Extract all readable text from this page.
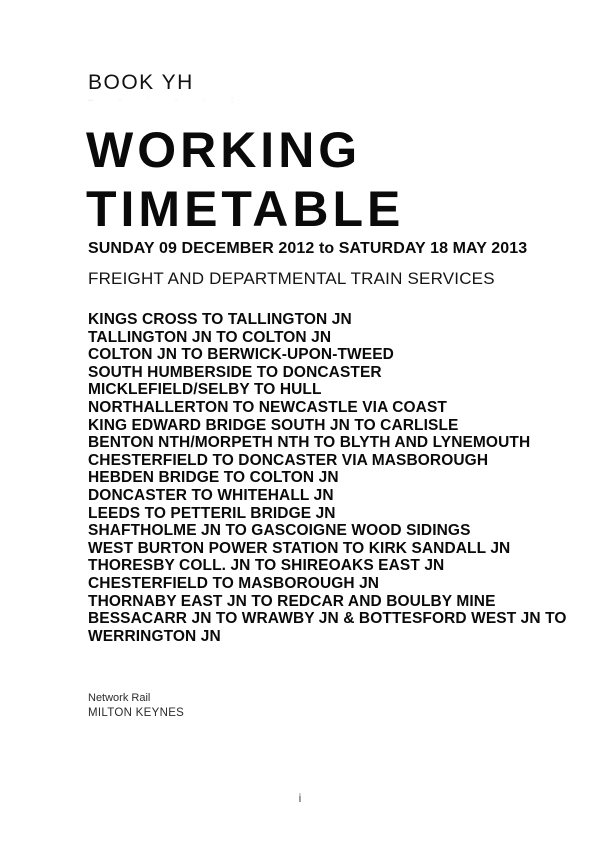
BOOK YH
‒ · ˙ · · :
WORKING TIMETABLE
SUNDAY 09 DECEMBER 2012 to SATURDAY 18 MAY 2013
FREIGHT AND DEPARTMENTAL TRAIN SERVICES
KINGS CROSS TO TALLINGTON JN
TALLINGTON JN TO COLTON JN
COLTON JN TO BERWICK-UPON-TWEED
SOUTH HUMBERSIDE TO DONCASTER
MICKLEFIELD/SELBY TO HULL
NORTHALLERTON TO NEWCASTLE VIA COAST
KING EDWARD BRIDGE SOUTH JN TO CARLISLE
BENTON NTH/MORPETH NTH TO BLYTH AND LYNEMOUTH
CHESTERFIELD TO DONCASTER VIA MASBOROUGH
HEBDEN BRIDGE TO COLTON JN
DONCASTER TO WHITEHALL JN
LEEDS TO PETTERIL BRIDGE JN
SHAFTHOLME JN TO GASCOIGNE WOOD SIDINGS
WEST BURTON POWER STATION TO KIRK SANDALL JN
THORESBY COLL. JN TO SHIREOAKS EAST JN
CHESTERFIELD TO MASBOROUGH JN
THORNABY EAST JN TO REDCAR AND BOULBY MINE
BESSACARR JN TO WRAWBY JN & BOTTESFORD WEST JN TO WERRINGTON JN
Network Rail
MILTON KEYNES
i
